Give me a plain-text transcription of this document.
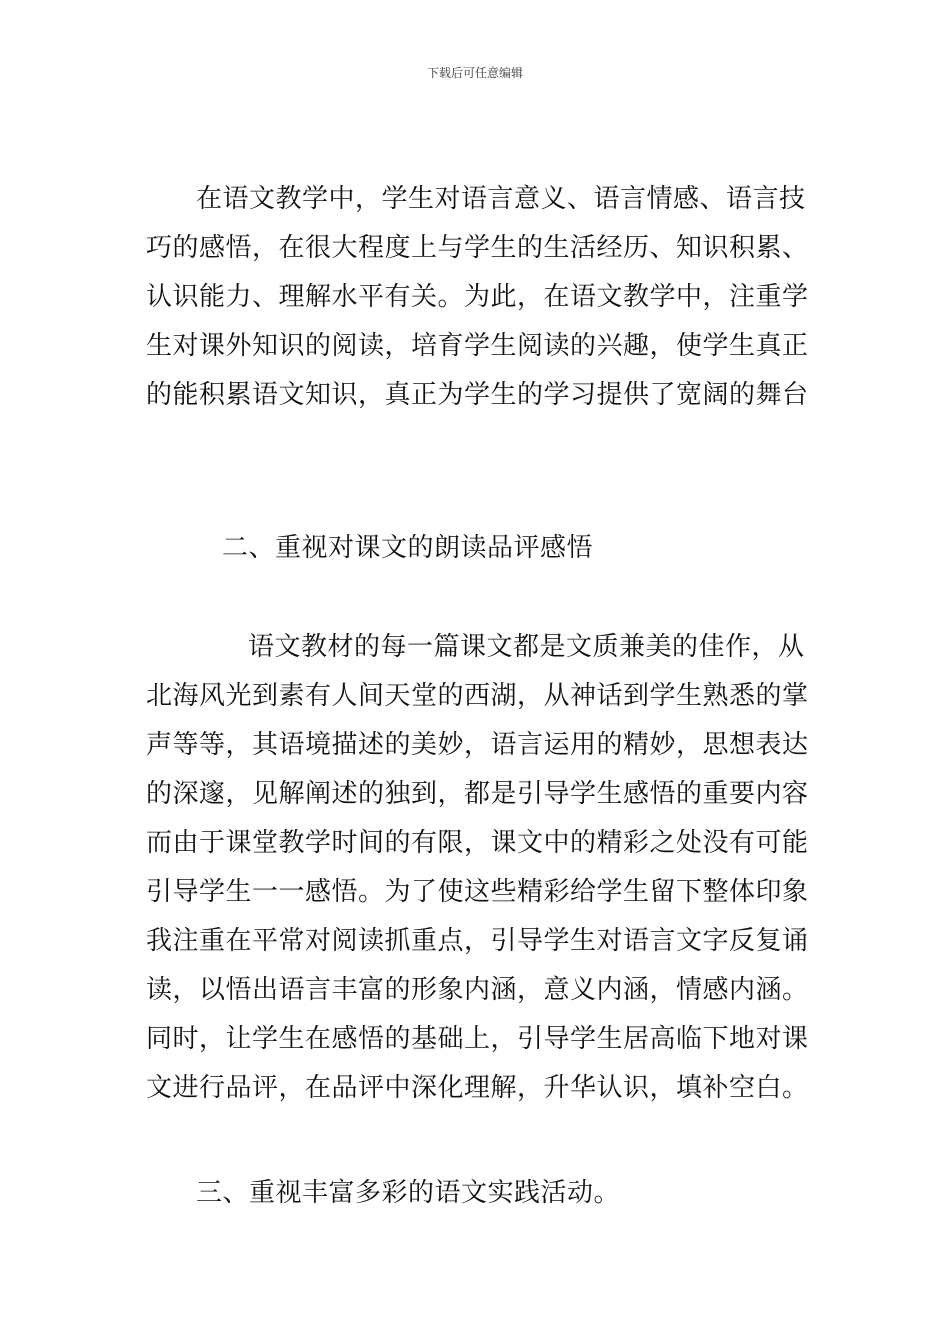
下载后可任意编辑
在语文教学中，学生对语言意义、语言情感、语言技
巧的感悟，在很大程度上与学生的生活经历、知识积累、
认识能力、理解水平有关。为此，在语文教学中，注重学
生对课外知识的阅读，培育学生阅读的兴趣，使学生真正
的能积累语文知识，真正为学生的学习提供了宽阔的舞台
二、重视对课文的朗读品评感悟
语文教材的每一篇课文都是文质兼美的佳作，从
北海风光到素有人间天堂的西湖，从神话到学生熟悉的掌
声等等，其语境描述的美妙，语言运用的精妙，思想表达
的深邃，见解阐述的独到，都是引导学生感悟的重要内容
而由于课堂教学时间的有限，课文中的精彩之处没有可能
引导学生一一感悟。为了使这些精彩给学生留下整体印象
我注重在平常对阅读抓重点，引导学生对语言文字反复诵
读，以悟出语言丰富的形象内涵，意义内涵，情感内涵。
同时，让学生在感悟的基础上，引导学生居高临下地对课
文进行品评，在品评中深化理解，升华认识，填补空白。
三、重视丰富多彩的语文实践活动。
